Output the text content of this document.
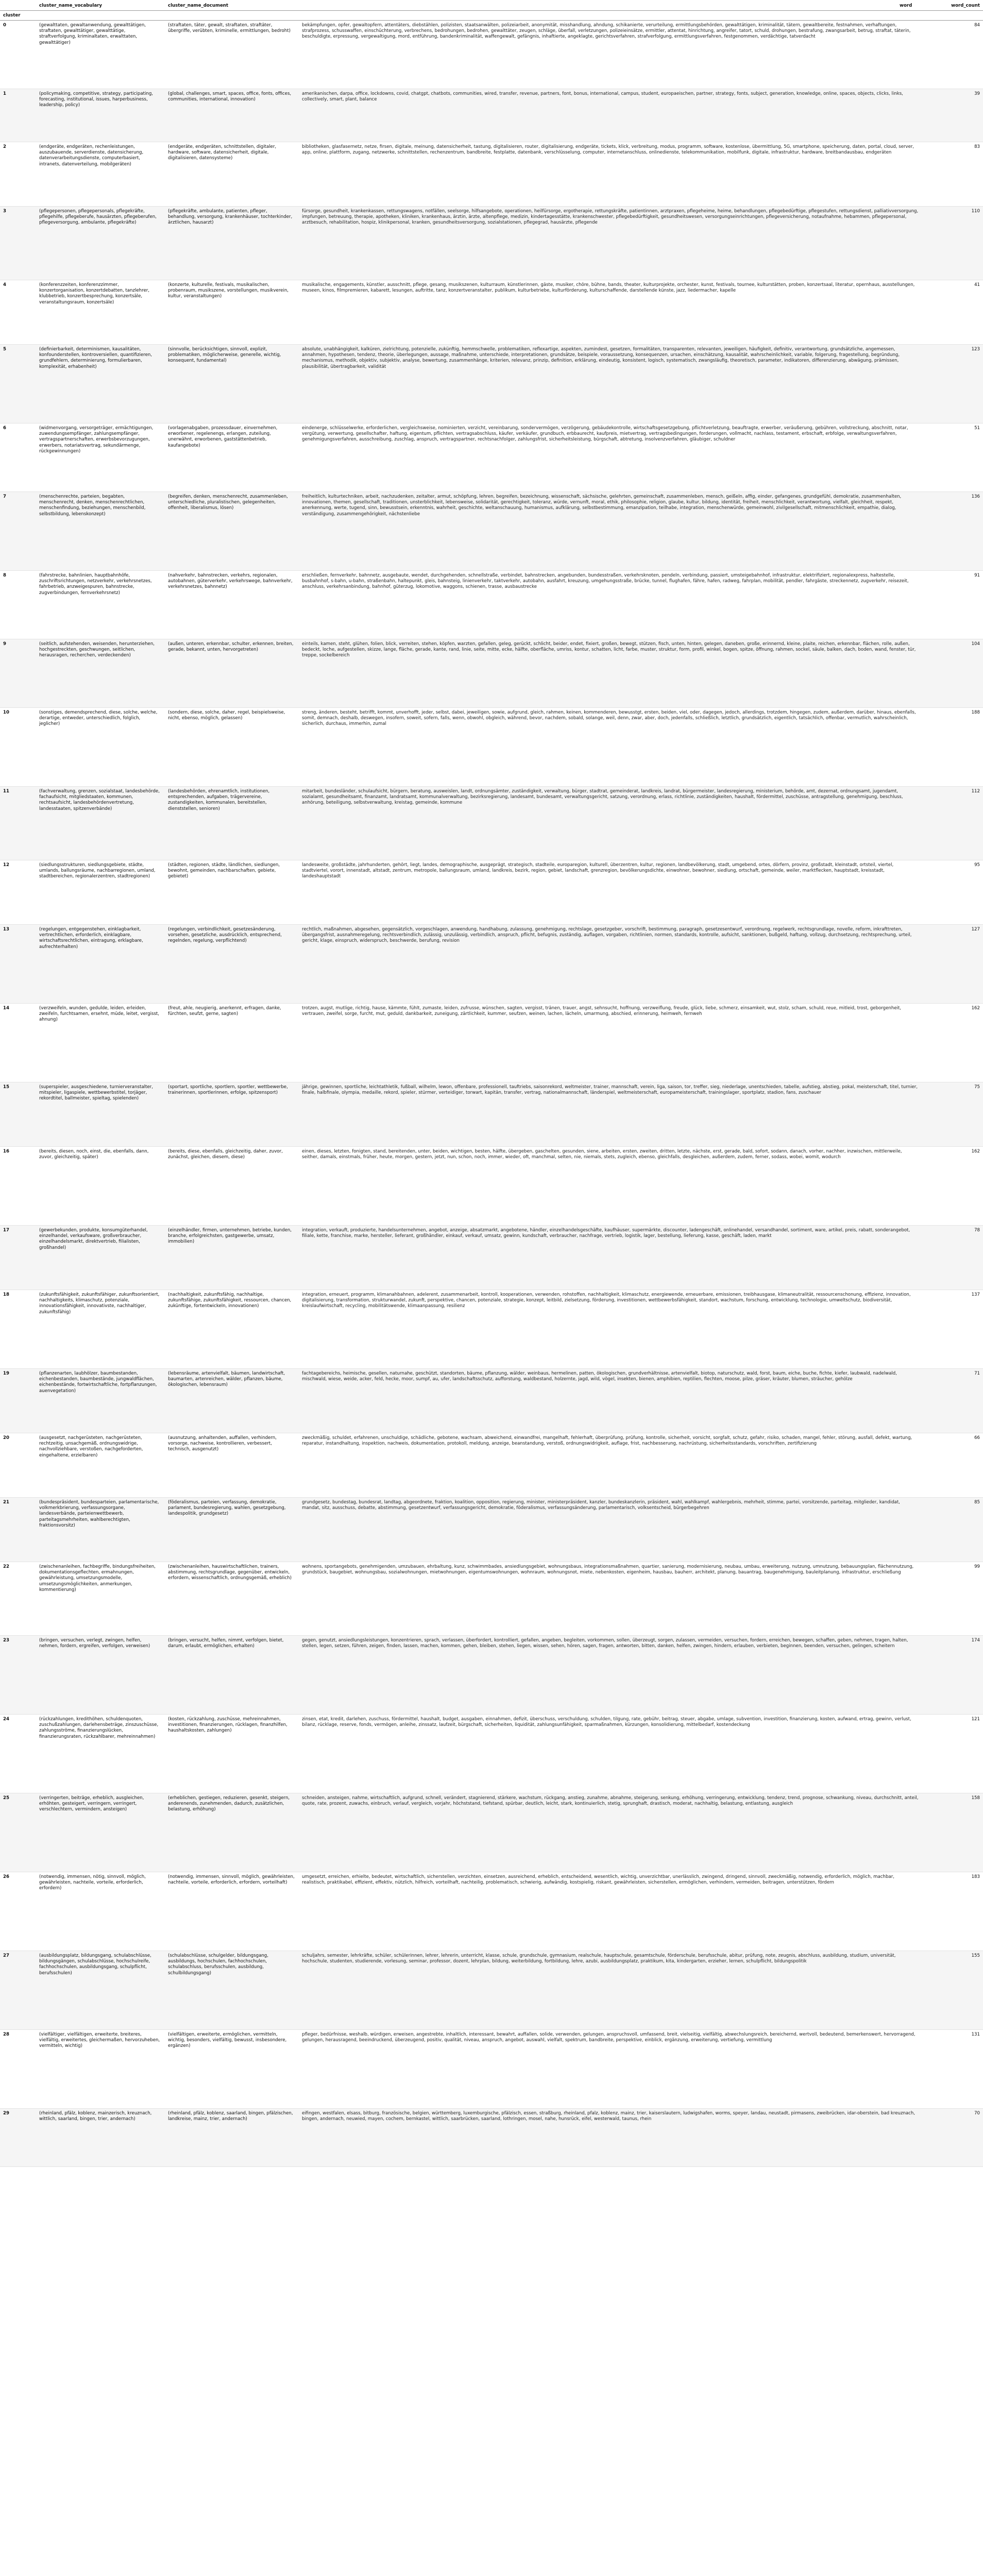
	cluster_name_vocabulary	cluster_name_document		word	word_count
cluster					
0	(gewalttaten, gewaltanwendung, gewalttätigen, straftaten, gewalttätiger, gewalttätige, straftverfolgung, kriminaltaten, erwalttaten, gewalttätiger)	(straftaten, täter, gewalt, straftaten, straftäter, übergriffe, verübten, kriminelle, ermittlungen, bedroht)	bekämpfungen, opfer, gewaltopfern, attentäters, diebstählen, polizisten, staatsanwälten, polizeiarbeit, anonymität, misshandlung, ahndung, schikanierte, verurteilung, ermittlungsbehörden, gewalttätigen, kriminalität, tätern, gewaltbereite, festnahmen, verhaftungen, strafprozess, schusswaffen, einschüchterung, verbrechens, bedrohungen, bedrohen, gewalttäter, zeugen, schläge, überfall, verletzungen, polizeieinsätze, ermittler, attentat, hinrichtung, angreifer, tatort, schuld, drohungen, bestrafung, zwangsarbeit, betrug, straftat, täterin, beschuldigte, erpressung, vergewaltigung, mord, entführung, bandenkriminalität, waffengewalt, gefängnis, inhaftierte, angeklagte, gerichtsverfahren, strafverfolgung, ermittlungsverfahren, festgenommen, verdächtige, tatverdacht		84
1	(policymaking, competitive, strategy, participating, forecasting, institutional, issues, harperbusiness, leadership, policy)	(global, challenges, smart, spaces, office, fonts, offices, communities, international, innovation)	amerikanischen, darpa, office, lockdowns, covid, chatgpt, chatbots, communities, wired, transfer, revenue, partners, font, bonus, international, campus, student, europaeischen, partner, strategy, fonts, subject, generation, knowledge, online, spaces, objects, clicks, links, collectively, smart, plant, balance		39
2	(endgeräte, endgeräten, rechenleistungen, auszubauende, serverdienste, datensicherung, datenverarbeitungsdienste, computerbasiert, intranets, datenverteilung, mobilgeräten)	(endgeräte, endgeräten, schnittstellen, digitaler, hardware, software, datensicherheit, digitale, digitalisieren, datensysteme)	bibliotheken, glasfasernetz, netze, firsen, digitale, meinung, datensicherheit, tastung, digitalisieren, router, digitalisierung, endgeräte, tickets, klick, verbreitung, modus, programm, software, kostenlose, übermittlung, 5G, smartphone, speicherung, daten, portal, cloud, server, app, online, plattform, zugang, netzwerke, schnittstellen, rechenzentrum, bandbreite, festplatte, datenbank, verschlüsselung, computer, internetanschluss, onlinedienste, telekommunikation, mobilfunk, digitale, infrastruktur, hardware, breitbandausbau, endgeräten		83
3	(pflegepersonen, pflegepersonals, pflegekräfte, pflegehilfe, pflegeberufe, hausärzten, pflegeberufen, pflegeversorgung, ambulante, pflegekräfte)	(pflegekräfte, ambulante, patienten, pfleger, behandlung, versorgung, krankenhäuser, tochterkinder, ärztlichen, hausarzt)	fürsorge, gesundheit, krankenkassen, rettungswagens, notfällen, seelsorge, hilfsangebote, operationen, heilfürsorge, ergotherapie, rettungskräfte, patientinnen, arztpraxen, pflegeheime, heime, behandlungen, pflegebedürftige, pflegestufen, rettungsdienst, palliativversorgung, impfungen, betreuung, therapie, apotheken, kliniken, krankenhaus, ärztin, ärzte, altenpflege, medizin, kindertagesstätte, krankenschwester, pflegebedürftigkeit, gesundheitswesen, versorgungseinrichtungen, pflegeversicherung, notaufnahme, hebammen, pflegepersonal, arztbesuch, rehabilitation, hospiz, klinikpersonal, kranken, gesundheitsversorgung, sozialstationen, pflegegrad, hausärzte, pflegende		110
4	(konferenzzeiten, konferenzzimmer, konzertorganisation, konzertdebatten, tanzlehrer, klubbetrieb, konzertbesprechung, konzertsäle, veranstaltungsraum, konzertsäle)	(konzerte, kulturelle, festivals, musikalischen, probenraum, musikszene, vorstellungen, musikverein, kultur, veranstaltungen)	musikalische, engagements, künstler, ausschnitt, pflege, gesang, musikszenen, kulturraum, künstlerinnen, gäste, musiker, chöre, bühne, bands, theater, kulturprojekte, orchester, kunst, festivals, tournee, kulturstätten, proben, konzertsaal, literatur, opernhaus, ausstellungen, museen, kinos, filmpremieren, kabarett, lesungen, auftritte, tanz, konzertveranstalter, publikum, kulturbetriebe, kulturförderung, kulturschaffende, darstellende künste, jazz, liedermacher, kapelle		41
5	(definierbarkeit, determinismen, kausalitäten, konfounderstellen, kontroversiellen, quantifizieren, grundfehlern, determinierung, formulierbaren, komplexität, erhabenheit)	(sinnvolle, berücksichtigen, sinnvoll, explizit, problematiken, möglicherweise, generelle, wichtig, konsequent, fundamental)	absolute, unabhängigkeit, kalküren, zielrichtung, potenzielle, zukünftig, hemmschwelle, problematiken, reflexartige, aspekten, zumindest, gesetzen, formalitäten, transparenten, relevanten, jeweiligen, häufigkeit, definitiv, verantwortung, grundsätzliche, angemessen, annahmen, hypothesen, tendenz, theorie, überlegungen, aussage, maßnahme, unterschiede, interpretationen, grundsätze, beispiele, voraussetzung, konsequenzen, ursachen, einschätzung, kausalität, wahrscheinlichkeit, variable, folgerung, fragestellung, begründung, mechanismus, methodik, objektiv, subjektiv, analyse, bewertung, zusammenhänge, kriterien, relevanz, prinzip, definition, erklärung, eindeutig, konsistent, logisch, systematisch, zwangsläufig, theoretisch, parameter, indikatoren, differenzierung, abwägung, prämissen, plausibilität, übertragbarkeit, validität		123
6	(widmenvorgang, versorgeträger, ermächtigungen, zuwendungsempfänger, zahlungsempfänger, vertragspartnerschaften, erwerbsbevorzugungen, erwerbers, notariatsvertrag, sekundärmenge, rückgewinnungen)	(vorlagenabgaben, prozessdauer, einvernehmen, erworbener, regelenengs, erlangen, zuteilung, unerwähnt, erworbenen, gaststättenbetrieb, kaufangebote)	eindenerge, schlüsselwerke, erforderlichen, vergleichsweise, nominierten, verzicht, vereinbarung, sondervermögen, verzögerung, gebäudekontrolle, wirtschaftsgesetzgebung, pflichtverletzung, beauftragte, erwerber, veräußerung, gebühren, vollstreckung, abschnitt, notar, vergütung, verwertung, gesellschafter, haftung, eigentum, pflichten, vertragsabschluss, käufer, verkäufer, grundbuch, erbbaurecht, kaufpreis, mietvertrag, vertragsbedingungen, forderungen, vollmacht, nachlass, testament, erbschaft, erbfolge, verwaltungsverfahren, genehmigungsverfahren, ausschreibung, zuschlag, anspruch, vertragspartner, rechtsnachfolger, zahlungsfrist, sicherheitsleistung, bürgschaft, abtretung, insolvenzverfahren, gläubiger, schuldner		51
7	(menschenrechte, parteien, begabten, menschenrecht, denken, menschenrechtlichen, menschenfindung, beziehungen, menschenbild, selbstbildung, lebenskonzept)	(begreifen, denken, menschenrecht, zusammenleben, unterschiedliche, pluralistischen, gelegenheiten, offenheit, liberalismus, lösen)	freiheitlich, kulturtechniken, arbeit, nachzudenken, zeitalter, armut, schöpfung, lehren, begreifen, bezeichnung, wissenschaft, sächsische, gelehrten, gemeinschaft, zusammenleben, mensch, geißeln, affig, einder, gefangenes, grundgefühl, demokratie, zusammenhalten, innovationen, themen, gesellschaft, traditionen, unsterblichkeit, lebensweise, solidarität, gerechtigkeit, toleranz, würde, vernunft, moral, ethik, philosophie, religion, glaube, kultur, bildung, identität, freiheit, menschlichkeit, verantwortung, vielfalt, gleichheit, respekt, anerkennung, werte, tugend, sinn, bewusstsein, erkenntnis, wahrheit, geschichte, weltanschauung, humanismus, aufklärung, selbstbestimmung, emanzipation, teilhabe, integration, menschenwürde, gemeinwohl, zivilgesellschaft, mitmenschlichkeit, empathie, dialog, verständigung, zusammengehörigkeit, nächstenliebe		136
8	(fahrstrecke, bahnlinien, hauptbahnhöfe, zuschriftsrichtungen, netzverkehr, verkehrsnetzes, fahrbetrieb, anzweigespuren, bahnstrecke, zugverbindungen, fernverkehrsnetz)	(nahverkehr, bahnstrecken, verkehrs, regionalen, autobahnen, güterverkehr, verkehrswege, bahnverkehr, verkehrsnetzes, bahnnetz)	erschließen, fernverkehr, bahnnetz, ausgebaute, wendet, durchgehenden, schnellstraße, verbindet, bahnstrecken, angebunden, bundesstraßen, verkehrsknoten, pendeln, verbindung, passiert, umsteigebahnhof, infrastruktur, elektrifiziert, regionalexpress, haltestelle, busbahnhof, s-bahn, u-bahn, straßenbahn, haltepunkt, gleis, bahnsteig, linienverkehr, taktverkehr, autobahn, ausfahrt, kreuzung, umgehungsstraße, brücke, tunnel, flughafen, fähre, hafen, radweg, fahrplan, mobilität, pendler, fahrgäste, streckennetz, zugverkehr, reisezeit, anschluss, verkehrsanbindung, bahnhof, güterzug, lokomotive, waggons, schienen, trasse, ausbaustrecke		91
9	(seitlich, aufstehenden, weisenden, herunterziehen, hochgestreckten, geschwungen, seitlichen, herausragen, recherchen, verdeckenden)	(außen, unteren, erkennbar, schulter, erkennen, breiten, gerade, bekannt, unten, hervorgetreten)	einteils, kamen, steht, glühen, folien, blick, verreiten, stehen, köpfen, warzten, gefallen, geleg, gerückt, schlicht, beider, endet, fixiert, großen, bewegt, stützen, fisch, unten, hinten, gelegen, daneben, große, erinnernd, kleine, plaite, reichen, erkennbar, flächen, rolle, außen, bedeckt, loche, aufgestellen, skizze, lange, fläche, gerade, kante, rand, linie, seite, mitte, ecke, hälfte, oberfläche, umriss, kontur, schatten, licht, farbe, muster, struktur, form, profil, winkel, bogen, spitze, öffnung, rahmen, sockel, säule, balken, dach, boden, wand, fenster, tür, treppe, sockelbereich		104
10	(sonstiges, demendsprechend, diese, solche, welche, derartige, entweder, unterschiedlich, folglich, jeglicher)	(sondern, diese, solche, daher, regel, beispielsweise, nicht, ebenso, möglich, gelassen)	streng, änderen, besteht, betrifft, kommt, unverhofft, jeder, selbst, dabei, jeweiligen, sowie, aufgrund, gleich, rahmen, keinen, kommenderen, bewusstgt, ersten, beiden, viel, oder, dagegen, jedoch, allerdings, trotzdem, hingegen, zudem, außerdem, darüber, hinaus, ebenfalls, somit, demnach, deshalb, deswegen, insofern, soweit, sofern, falls, wenn, obwohl, obgleich, während, bevor, nachdem, sobald, solange, weil, denn, zwar, aber, doch, jedenfalls, schließlich, letztlich, grundsätzlich, eigentlich, tatsächlich, offenbar, vermutlich, wahrscheinlich, sicherlich, durchaus, immerhin, zumal		188
11	(fachverwaltung, grenzen, sozialstaat, landesbehörde, fachaufsicht, mitgliedstaaten, kommunen, rechtsaufsicht, landesbehördenvertretung, landesstaaten, spitzenverbände)	(landesbehörden, ehrenamtlich, institutionen, entsprechenden, aufgaben, trägervereine, zustandigkeiten, kommunalen, bereitstellen, dienststellen, senioren)	mitarbeit, bundesländer, schulaufsicht, bürgern, beratung, ausweislen, landt, ordnungsämter, zuständigkeit, verwaltung, bürger, stadtrat, gemeinderat, landkreis, landrat, bürgermeister, landesregierung, ministerium, behörde, amt, dezernat, ordnungsamt, jugendamt, sozialamt, gesundheitsamt, finanzamt, landratsamt, kommunalverwaltung, bezirksregierung, landesamt, bundesamt, verwaltungsgericht, satzung, verordnung, erlass, richtlinie, zuständigkeiten, haushalt, fördermittel, zuschüsse, antragstellung, genehmigung, beschluss, anhörung, beteiligung, selbstverwaltung, kreistag, gemeinde, kommune		112
12	(siedlungsstrukturen, siedlungsgebiete, städte, umlands, ballungsräume, nachbarregionen, umland, stadtbereichen, regionalerzentren, stadtregionen)	(städten, regionen, städte, ländlichen, siedlungen, bewohnt, gemeinden, nachbarschaften, gebiete, gebietet)	landesweite, großstädte, jahrhunderten, gehört, liegt, landes, demographische, ausgeprägt, strategisch, stadteile, europaregion, kulturell, überzentren, kultur, regionen, landbevölkerung, stadt, umgebend, ortes, dörfern, provinz, großstadt, kleinstadt, ortsteil, viertel, stadtviertel, vorort, innenstadt, altstadt, zentrum, metropole, ballungsraum, umland, landkreis, bezirk, region, gebiet, landschaft, grenzregion, bevölkerungsdichte, einwohner, bewohner, siedlung, ortschaft, gemeinde, weiler, marktflecken, hauptstadt, kreisstadt, landeshauptstadt		95
13	(regelungen, entgegenstehen, einklagbarkeit, vertrechtlichen, erforderlich, einklagbare, wirtschaftsrechtlichen, eintragung, erklagbare, aufrechterhalten)	(regelungen, verbindlichkeit, gesetzesänderung, vorsehen, gesetzliche, ausdrücklich, entsprechend, regelnden, regelung, verpflichtend)	rechtlich, maßnahmen, abgesehen, gegensätzlich, vorgeschlagen, anwendung, handhabung, zulassung, genehmigung, rechtslage, gesetzgeber, vorschrift, bestimmung, paragraph, gesetzesentwurf, verordnung, regelwerk, rechtsgrundlage, novelle, reform, inkrafttreten, übergangsfrist, ausnahmeregelung, rechtsverbindlich, zulässig, unzulässig, verbindlich, anspruch, pflicht, befugnis, zuständig, auflagen, vorgaben, richtlinien, normen, standards, kontrolle, aufsicht, sanktionen, bußgeld, haftung, vollzug, durchsetzung, rechtsprechung, urteil, gericht, klage, einspruch, widerspruch, beschwerde, berufung, revision		127
14	(verzweifeln, wunden, gedulde, leiden, erleiden, zweifeln, furchtsamen, ersehnt, müde, leitet, vergisst, ahnung)	(freut, ahle, neugierig, anerkennt, erfragen, danke, fürchten, seufzt, gerne, sagten)	trotzen, augst, mutlige, richtig, hause, kämmte, fühlt, zumaste, leiden, zufrusse, wünschen, sagten, vergisst, tränen, trauer, angst, sehnsucht, hoffnung, verzweiflung, freude, glück, liebe, schmerz, einsamkeit, wut, stolz, scham, schuld, reue, mitleid, trost, geborgenheit, vertrauen, zweifel, sorge, furcht, mut, geduld, dankbarkeit, zuneigung, zärtlichkeit, kummer, seufzen, weinen, lachen, lächeln, umarmung, abschied, erinnerung, heimweh, fernweh		162
15	(superspieler, ausgeschiedene, turnierveranstalter, mitspieler, ligaspiele, wettbewerbstitel, torjäger, rekordtitel, ballmeister, spieltag, spielenden)	(sportart, sportliche, sportlern, sportler, wettbewerbe, trainerinnen, sportlerinnen, erfolge, spitzensport)	jährige, gewinnen, sportliche, leichtathletik, fußball, wilhelm, lewon, offenbare, professionell, tauftriebs, saisonrekord, weltmeister, trainer, mannschaft, verein, liga, saison, tor, treffer, sieg, niederlage, unentschieden, tabelle, aufstieg, abstieg, pokal, meisterschaft, titel, turnier, finale, halbfinale, olympia, medaille, rekord, spieler, stürmer, verteidiger, torwart, kapitän, transfer, vertrag, nationalmannschaft, länderspiel, weltmeisterschaft, europameisterschaft, trainingslager, sportplatz, stadion, fans, zuschauer		75
16	(bereits, diesen, noch, einst, die, ebenfalls, dann, zuvor, gleichzeitig, später)	(bereits, diese, ebenfalls, gleichzeitig, daher, zuvor, zunächst, gleichen, diesem, diese)	einen, dieses, letzten, fonigten, stand, bereitenden, unter, beiden, wichtigen, besten, hälfte, übergeben, gaschelten, gesunden, siene, arbeiten, ersten, zweiten, dritten, letzte, nächste, erst, gerade, bald, sofort, sodann, danach, vorher, nachher, inzwischen, mittlerweile, seither, damals, einstmals, früher, heute, morgen, gestern, jetzt, nun, schon, noch, immer, wieder, oft, manchmal, selten, nie, niemals, stets, zugleich, ebenso, gleichfalls, desgleichen, außerdem, zudem, ferner, sodass, wobei, womit, wodurch		162
17	(gewerbekunden, produkte, konsumgüterhandel, einzelhandel, verkaufsware, großverbraucher, einzelhandelsmarkt, direktvertrieb, filialisten, großhandel)	(einzelhändler, firmen, unternehmen, betriebe, kunden, branche, erfolgreichsten, gastgewerbe, umsatz, immobilien)	integration, verkauft, produzierte, handelsunternehmen, angebot, anzeige, absatzmarkt, angebotene, händler, einzelhandelsgeschäfte, kaufhäuser, supermärkte, discounter, ladengeschäft, onlinehandel, versandhandel, sortiment, ware, artikel, preis, rabatt, sonderangebot, filiale, kette, franchise, marke, hersteller, lieferant, großhändler, einkauf, verkauf, umsatz, gewinn, kundschaft, verbraucher, nachfrage, vertrieb, logistik, lager, bestellung, lieferung, kasse, geschäft, laden, markt		78
18	(zukunftsfähigkeit, zukunftsfähiger, zukunftsorientiert, nachhaltigkeits, klimaschutz, potenziale, innovationsfähigkeit, innovativste, nachhaltiger, zukunftsfähig)	(nachhaltigkeit, zukunftsfähig, nachhaltige, zukunftsfähige, zukunftsfähigkeit, ressourcen, chancen, zukünftige, fortentwickeln, innovationen)	integration, erneuert, programm, klimanahbahnen, adelerent, zusammenarbeit, kontroll, kooperationen, verwenden, rohstoffen, nachhaltigkeit, klimaschutz, energiewende, erneuerbare, emissionen, treibhausgase, klimaneutralität, ressourcenschonung, effizienz, innovation, digitalisierung, transformation, strukturwandel, zukunft, perspektive, chancen, potenziale, strategie, konzept, leitbild, zielsetzung, förderung, investitionen, wettbewerbsfähigkeit, standort, wachstum, forschung, entwicklung, technologie, umweltschutz, biodiversität, kreislaufwirtschaft, recycling, mobilitätswende, klimaanpassung, resilienz		137
19	(pflanzenarten, laubhölzer, baumbestanden, eichenbestanden, baumbestände, jungwaldflächen, eichenbestände, fortwirtschaftliche, fortpflanzungen, auenvegetation)	(lebensräume, artenvielfalt, bäumen, landwirtschaft, baumarten, artenreichen, wälder, pflanzen, bäume, ökologischen, lebensraum)	fachtagebereichs, heimische, gesellen, naturnahe, geschützt, standorten, bäume, pflanzung, wälder, weinbaus, hermelinen, patten, ökologischen, grundverhältnisse, artenvielfalt, biotop, naturschutz, wald, forst, baum, eiche, buche, fichte, kiefer, laubwald, nadelwald, mischwald, wiese, weide, acker, feld, hecke, moor, sumpf, au, ufer, landschaftsschutz, aufforstung, waldbestand, holzernte, jagd, wild, vögel, insekten, bienen, amphibien, reptilien, flechten, moose, pilze, gräser, kräuter, blumen, sträucher, gehölze		71
20	(ausgesetzt, nachgerüsteten, nachgerüsteten, rechtzeitig, unsachgemäß, ordnungswidrige, nachvollziehbare, verstoßen, nachgeforderten, eingehaltene, erzielbaren)	(ausnutzung, anhaltenden, auffallen, verhindern, vorsorge, nachweise, kontrollieren, verbessert, technisch, ausgenutzt)	zweckmäßig, schuldet, erfahrenen, unschuldige, schädliche, gebotene, wachsam, abweichend, einwandfrei, mangelhaft, fehlerhaft, überprüfung, prüfung, kontrolle, sicherheit, vorsicht, sorgfalt, schutz, gefahr, risiko, schaden, mangel, fehler, störung, ausfall, defekt, wartung, reparatur, instandhaltung, inspektion, nachweis, dokumentation, protokoll, meldung, anzeige, beanstandung, verstoß, ordnungswidrigkeit, auflage, frist, nachbesserung, nachrüstung, sicherheitsstandards, vorschriften, zertifizierung		66
21	(bundespräsident, bundesparteien, parlamentarische, volkmerkbrierung, verfassungsorgane, landesverbände, parteienwettbewerb, parteitagsmehrheiten, wahlberechtigten, fraktionsvorsitz)	(föderalismus, parteien, verfassung, demokratie, parlament, bundesregierung, wahlen, gesetzgebung, landespolitik, grundgesetz)	grundgesetz, bundestag, bundesrat, landtag, abgeordnete, fraktion, koalition, opposition, regierung, minister, ministerpräsident, kanzler, bundeskanzlerin, präsident, wahl, wahlkampf, wahlergebnis, mehrheit, stimme, partei, vorsitzende, parteitag, mitglieder, kandidat, mandat, sitz, ausschuss, debatte, abstimmung, gesetzentwurf, verfassungsgericht, demokratie, föderalismus, verfassungsänderung, parlamentarisch, volksentscheid, bürgerbegehren		85
22	(zwischenanleihen, fachbegriffe, bindungsfreiheiten, dokumentationsgeflechten, ermahnungen, gewährleistung, umsetzungsmodelle, umsetzungsmöglichkeiten, anmerkungen, kommentierung)	(zwischenanleihen, hauswirtschaftlichen, trainers, abstimmung, rechtsgrundlage, gegenüber, entwickeln, erfordern, wissenschaftlich, ordnungsgemäß, erheblich)	wohnens, sportangebots, genehmigenden, umzubauen, ehrbaltung, kunz, schwimmbades, ansiedlungsgebiet, wohnungsbaus, integrationsmaßnahmen, quartier, sanierung, modernisierung, neubau, umbau, erweiterung, nutzung, umnutzung, bebauungsplan, flächennutzung, grundstück, baugebiet, wohnungsbau, sozialwohnungen, mietwohnungen, eigentumswohnungen, wohnraum, wohnungsnot, miete, nebenkosten, eigenheim, hausbau, bauherr, architekt, planung, bauantrag, baugenehmigung, bauleitplanung, infrastruktur, erschließung		99
23	(bringen, versuchen, verlegt, zwingen, helfen, nehmen, fordern, ergreifen, verfolgen, verweisen)	(bringen, versucht, helfen, nimmt, verfolgen, bietet, darum, erlaubt, ermöglichen, erhalten)	gegen, genutzt, ansiedlungsleistungen, konzentrieren, sprach, verlassen, überfordert, kontrolliert, gefallen, angeben, begleiten, vorkommen, sollen, überzeugt, sorgen, zulassen, vermeiden, versuchen, fordern, erreichen, bewegen, schaffen, geben, nehmen, tragen, halten, stellen, legen, setzen, führen, zeigen, finden, lassen, machen, kommen, gehen, bleiben, stehen, liegen, wissen, sehen, hören, sagen, fragen, antworten, bitten, danken, helfen, zwingen, hindern, erlauben, verbieten, beginnen, beenden, versuchen, gelingen, scheitern		174
24	(rückzahlungen, kredithöhen, schuldenquoten, zuschußzahlungen, darlehensbeträge, zinszuschüsse, zahlungsströme, finanzierungslücken, finanzierungsraten, rückzahlbarer, mehreinnahmen)	(kosten, rückzahlung, zuschüsse, mehreinnahmen, investitionen, finanzierungen, rücklagen, finanzhilfen, haushaltskosten, zahlungen)	zinsen, etat, kredit, darlehen, zuschuss, fördermittel, haushalt, budget, ausgaben, einnahmen, defizit, überschuss, verschuldung, schulden, tilgung, rate, gebühr, beitrag, steuer, abgabe, umlage, subvention, investition, finanzierung, kosten, aufwand, ertrag, gewinn, verlust, bilanz, rücklage, reserve, fonds, vermögen, anleihe, zinssatz, laufzeit, bürgschaft, sicherheiten, liquidität, zahlungsunfähigkeit, sparmaßnahmen, kürzungen, konsolidierung, mittelbedarf, kostendeckung		121
25	(verringerten, beiträge, erheblich, ausgleichen, erhöhten, gesteigert, verringern, verringert, verschlechtern, vermindern, ansteigen)	(erheblichen, gestiegen, reduzieren, gesenkt, steigern, anderenends, zunehmenden, dadurch, zusätzlichen, belastung, erhöhung)	schneiden, ansteigen, nahme, wirtschaftlich, aufgrund, schnell, verändert, stagnierend, stärkere, wachstum, rückgang, anstieg, zunahme, abnahme, steigerung, senkung, erhöhung, verringerung, entwicklung, tendenz, trend, prognose, schwankung, niveau, durchschnitt, anteil, quote, rate, prozent, zuwachs, einbruch, verlauf, vergleich, vorjahr, höchststand, tiefstand, spürbar, deutlich, leicht, stark, kontinuierlich, stetig, sprunghaft, drastisch, moderat, nachhaltig, belastung, entlastung, ausgleich		158
26	(notwendig, immensen, nötig, sinnvoll, möglich, gewährleisten, nachteile, vorteile, erforderlich, erfordern)	(notwendig, immensen, sinnvoll, möglich, gewährleisten, nachteile, vorteile, erforderlich, erfordern, vorteilhaft)	umgesetzt, erreichen, erhielte, bedeutet, wirtschaftlich, sicherstellen, verzichten, einsetzen, ausreichend, erheblich, entscheidend, wesentlich, wichtig, unverzichtbar, unerlässlich, zwingend, dringend, sinnvoll, zweckmäßig, notwendig, erforderlich, möglich, machbar, realistisch, praktikabel, effizient, effektiv, nützlich, hilfreich, vorteilhaft, nachteilig, problematisch, schwierig, aufwändig, kostspielig, riskant, gewährleisten, sicherstellen, ermöglichen, verhindern, vermeiden, beitragen, unterstützen, fördern		183
27	(ausbildungsplatz, bildungsgang, schulabschlüsse, bildungsgängen, schulabschlüsse, hochschulreife, fachhochschulen, ausbildungsgang, schulpflicht, berufsschulen)	(schulabschlüsse, schulgelder, bildungsgang, ausbildungs, hochschulen, fachhochschulen, schulabschluss, berufsschulen, ausbildung, schulbildungsgang)	schuljahrs, semester, lehrkräfte, schüler, schülerinnen, lehrer, lehrerin, unterricht, klasse, schule, grundschule, gymnasium, realschule, hauptschule, gesamtschule, förderschule, berufsschule, abitur, prüfung, note, zeugnis, abschluss, ausbildung, studium, universität, hochschule, studenten, studierende, vorlesung, seminar, professor, dozent, lehrplan, bildung, weiterbildung, fortbildung, lehre, azubi, ausbildungsplatz, praktikum, kita, kindergarten, erzieher, lernen, schulpflicht, bildungspolitik		155
28	(vielfältiger, vielfältigen, erweiterte, breiteres, vielfältig, erweitertes, gleichermaßen, hervorzuheben, vermitteln, wichtig)	(vielfältigen, erweiterte, ermöglichen, vermitteln, wichtig, besonders, vielfältig, bewusst, insbesondere, ergänzen)	pfleger, bedürfnisse, weshalb, würdigen, erweisen, angestrebte, inhaltlich, interessant, bewahrt, auffallen, solide, verwenden, gelungen, anspruchsvoll, umfassend, breit, vielseitig, vielfältig, abwechslungsreich, bereichernd, wertvoll, bedeutend, bemerkenswert, hervorragend, gelungen, herausragend, beeindruckend, überzeugend, positiv, qualität, niveau, anspruch, angebot, auswahl, vielfalt, spektrum, bandbreite, perspektive, einblick, ergänzung, erweiterung, vertiefung, vermittlung		131
29	(rheinland, pfälz, koblenz, mainzerisch, kreuznach, wittlich, saarland, bingen, trier, andernach)	(rheinland, pfälz, koblenz, saarland, bingen, pfälzischen, landkreise, mainz, trier, andernach)	eifingen, westfalen, elsass, bitburg, französische, belgien, württemberg, luxemburgische, pfälzisch, essen, straßburg, rheinland, pfalz, koblenz, mainz, trier, kaiserslautern, ludwigshafen, worms, speyer, landau, neustadt, pirmasens, zweibrücken, idar-oberstein, bad kreuznach, bingen, andernach, neuwied, mayen, cochem, bernkastel, wittlich, saarbrücken, saarland, lothringen, mosel, nahe, hunsrück, eifel, westerwald, taunus, rhein		70
